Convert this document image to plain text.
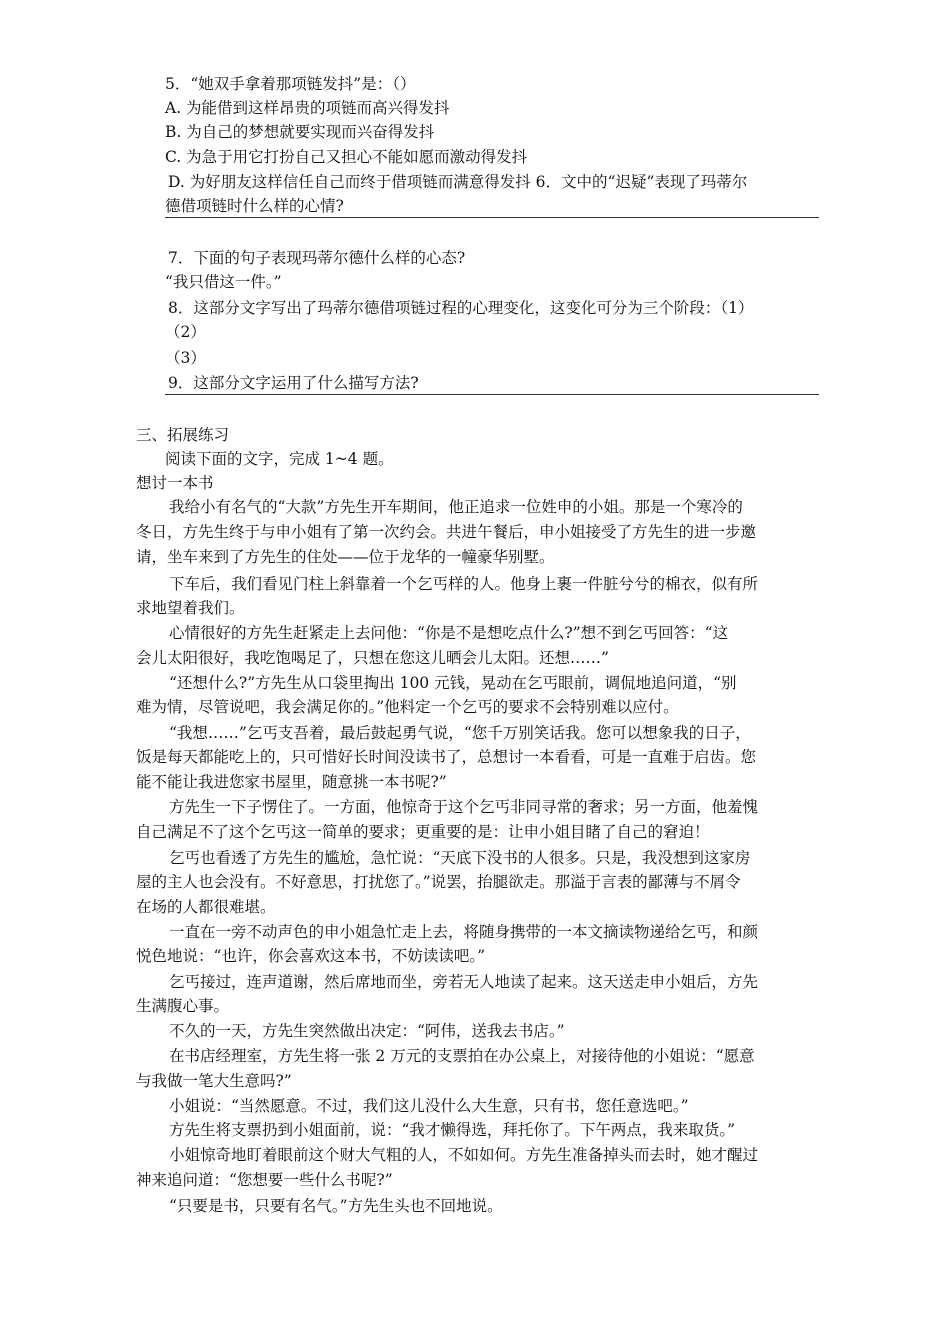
5．“她双手拿着那项链发抖”是：（）
A. 为能借到这样昂贵的项链而高兴得发抖
B. 为自己的梦想就要实现而兴奋得发抖
C. 为急于用它打扮自己又担心不能如愿而激动得发抖
D. 为好朋友这样信任自己而终于借项链而满意得发抖 6．文中的“迟疑”表现了玛蒂尔
德借项链时什么样的心情?
7．下面的句子表现玛蒂尔德什么样的心态?
“我只借这一件。”
8．这部分文字写出了玛蒂尔德借项链过程的心理变化，这变化可分为三个阶段：（1）
（2）
（3）
9．这部分文字运用了什么描写方法?
三、拓展练习
阅读下面的文字，完成 1~4 题。
想讨一本书
我给小有名气的“大款”方先生开车期间，他正追求一位姓申的小姐。那是一个寒冷的
冬日，方先生终于与申小姐有了第一次约会。共进午餐后，申小姐接受了方先生的进一步邀
请，坐车来到了方先生的住处——位于龙华的一幢豪华别墅。
下车后，我们看见门柱上斜靠着一个乞丐样的人。他身上裹一件脏兮兮的棉衣，似有所
求地望着我们。
心情很好的方先生赶紧走上去问他：“你是不是想吃点什么?”想不到乞丐回答：“这
会儿太阳很好，我吃饱喝足了，只想在您这儿晒会儿太阳。还想……”
“还想什么?”方先生从口袋里掏出 100 元钱，晃动在乞丐眼前，调侃地追问道，“别
难为情，尽管说吧，我会满足你的。”他料定一个乞丐的要求不会特别难以应付。
“我想……”乞丐支吾着，最后鼓起勇气说，“您千万别笑话我。您可以想象我的日子，
饭是每天都能吃上的，只可惜好长时间没读书了，总想讨一本看看，可是一直难于启齿。您
能不能让我进您家书屋里，随意挑一本书呢?”
方先生一下子愣住了。一方面，他惊奇于这个乞丐非同寻常的奢求；另一方面，他羞愧
自己满足不了这个乞丐这一简单的要求；更重要的是：让申小姐目睹了自己的窘迫！
乞丐也看透了方先生的尴尬，急忙说：“天底下没书的人很多。只是，我没想到这家房
屋的主人也会没有。不好意思，打扰您了。”说罢，抬腿欲走。那溢于言表的鄙薄与不屑令
在场的人都很难堪。
一直在一旁不动声色的申小姐急忙走上去，将随身携带的一本文摘读物递给乞丐，和颜
悦色地说：“也许，你会喜欢这本书，不妨读读吧。”
乞丐接过，连声道谢，然后席地而坐，旁若无人地读了起来。这天送走申小姐后，方先
生满腹心事。
不久的一天，方先生突然做出决定：“阿伟，送我去书店。”
在书店经理室，方先生将一张 2 万元的支票拍在办公桌上，对接待他的小姐说：“愿意
与我做一笔大生意吗?”
小姐说：“当然愿意。不过，我们这儿没什么大生意，只有书，您任意选吧。”
方先生将支票扔到小姐面前，说：“我才懒得选，拜托你了。下午两点，我来取货。”
小姐惊奇地盯着眼前这个财大气粗的人，不如如何。方先生准备掉头而去时，她才醒过
神来追问道：“您想要一些什么书呢?”
“只要是书，只要有名气。”方先生头也不回地说。
